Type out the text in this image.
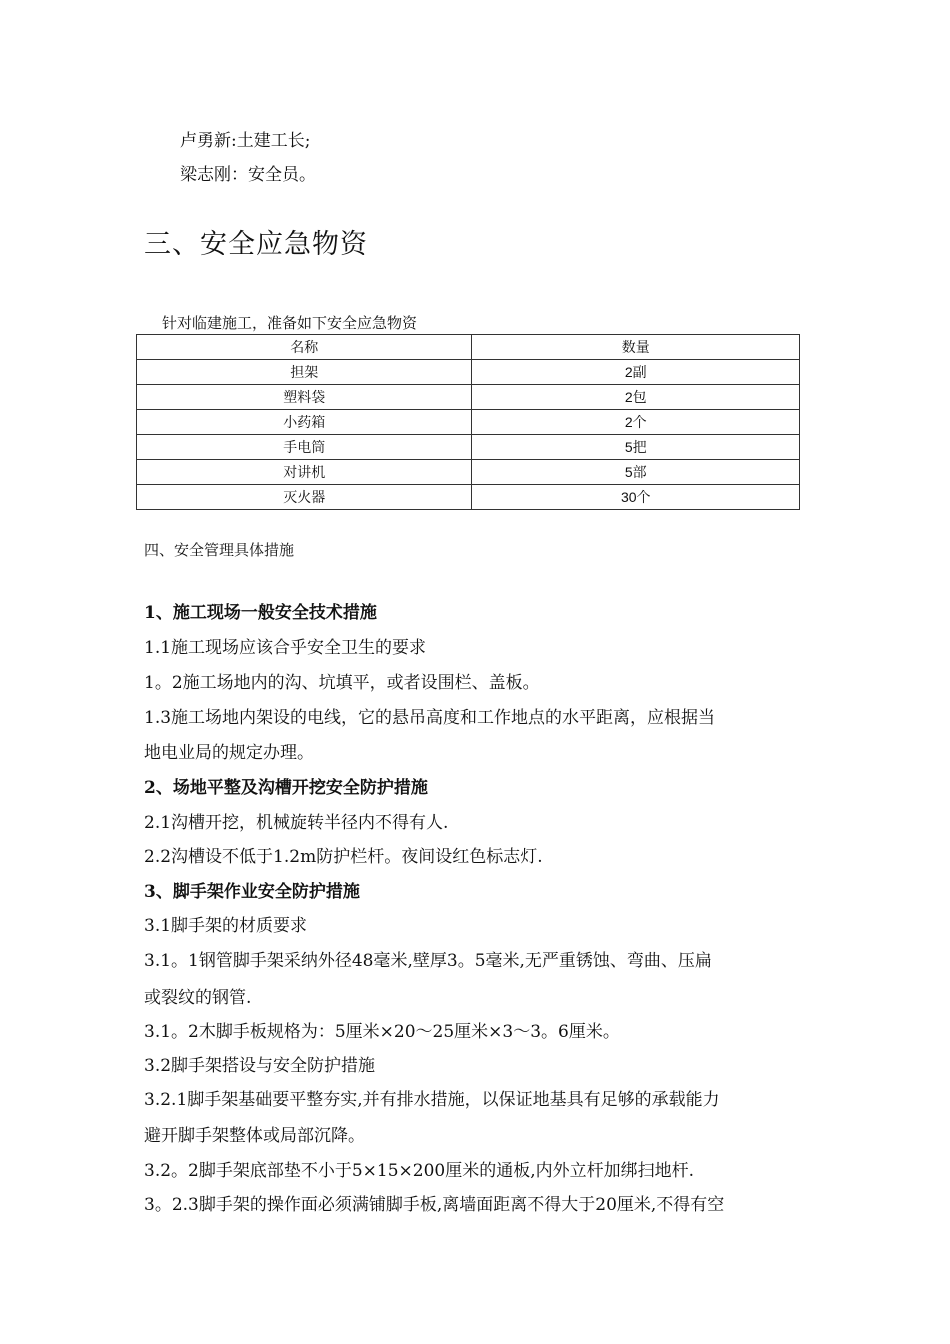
卢勇新:土建工长;
梁志刚：安全员。
三、安全应急物资
针对临建施工，准备如下安全应急物资
名称	数量
担架	2副
塑料袋	2包
小药箱	2个
手电筒	5把
对讲机	5部
灭火器	30个
四、安全管理具体措施
1、施工现场一般安全技术措施
1.1施工现场应该合乎安全卫生的要求
1。2施工场地内的沟、坑填平，或者设围栏、盖板。
1.3施工场地内架设的电线，它的悬吊高度和工作地点的水平距离，应根据当
地电业局的规定办理。
2、场地平整及沟槽开挖安全防护措施
2.1沟槽开挖，机械旋转半径内不得有人.
2.2沟槽设不低于1.2m防护栏杆。夜间设红色标志灯.
3、脚手架作业安全防护措施
3.1脚手架的材质要求
3.1。1钢管脚手架采纳外径48毫米,壁厚3。5毫米,无严重锈蚀、弯曲、压扁
或裂纹的钢管.
3.1。2木脚手板规格为：5厘米×20～25厘米×3～3。6厘米。
3.2脚手架搭设与安全防护措施
3.2.1脚手架基础要平整夯实,并有排水措施，以保证地基具有足够的承载能力
避开脚手架整体或局部沉降。
3.2。2脚手架底部垫不小于5×15×200厘米的通板,内外立杆加绑扫地杆.
3。2.3脚手架的操作面必须满铺脚手板,离墙面距离不得大于20厘米,不得有空
